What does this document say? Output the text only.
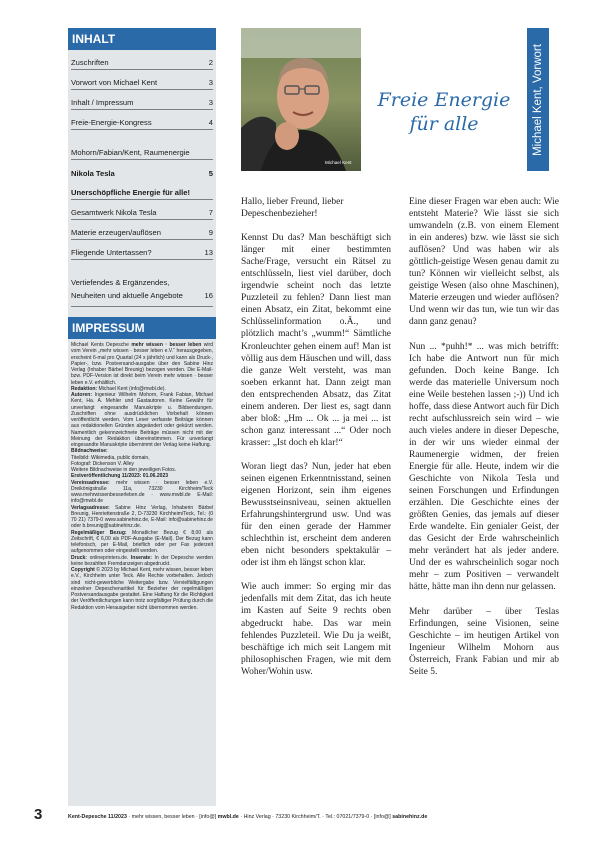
INHALT
Zuschriften	2
Vorwort von Michael Kent	3
Inhalt / Impressum	3
Freie-Energie-Kongress	4
Mohorn/Fabian/Kent, Raumenergie
Nikola Tesla	5
Unerschöpfliche Energie für alle!
Gesamtwerk Nikola Tesla	7
Materie erzeugen/auflösen	9
Fliegende Untertassen?	13
Vertiefendes & Ergänzendes,
Neuheiten und aktuelle Angebote	16
IMPRESSUM

Michael Kents Depesche mehr wissen · besser leben wird vom Verein „mehr wissen · besser leben e.V.“ herausgegeben, erscheint 6-mal pro Quartal (24 x jährlich) und kann als Druck-, Papier-, bzw. Postversand-ausgabe über den Sabine Hinz Verlag (Inhaber Bärbel Breunig) bezogen werden. Die E-Mail- bzw. PDF-Version ist direkt beim Verein mehr wissen · besser leben e.V. erhältlich.

Redaktion: Michael Kent (info@mwbl.de).

Autoren: Ingenieur Wilhelm Mohorn, Frank Fabian, Michael Kent, Ha. A. Mehler und Gastautoren. Keine Gewähr für unverlangt eingesandte Manuskripte u. Bildsendungen. Zuschriften ohne ausdrücklichen Vorbehalt können veröffentlicht werden. Vom Leser verfasste Beiträge können aus redaktionellen Gründen abgeändert oder gekürzt werden. Namentlich gekennzeichnete Beiträge müssen nicht mit der Meinung der Redaktion übereinstimmen. Für unverlangt eingesandte Manuskripte übernimmt der Verlag keine Haftung.

Bildnachweise:

Titelbild: Wikimedia, public domain,

Fotograf: Dickenson V. Alley

Weitere Bildnachweise in den jeweiligen Fotos.

Erstveröffentlichung 11/2023: 01.06.2023

Vereinsadresse: mehr wissen · besser leben e.V. Dreikönigstraße 11a, 73230 Kirchheim/Teck www.mehrwissenbesserleben.de · www.mwbl.de E-Mail: info@mwbl.de

Verlagsadresse: Sabine Hinz Verlag, Inhaberin Bärbel Breunig, Henriettenstraße 2, D-73230 Kirchheim/Teck, Tel.: (0 70 21) 7379-0 www.sabinehinz.de, E-Mail: info@sabinehinz.de oder b.breunig@sabinehinz.de.

Regelmäßiger Bezug: Monatlicher Bezug € 8,00 als Zeitschrift, € 6,00 als PDF-Ausgabe (E-Mail). Der Bezug kann telefonisch, per E-Mail, brieflich oder per Fax jederzeit aufgenommen oder eingestellt werden.

Druck: onlineprinters.de. Inserate: In der Depesche werden keine bezahlten Fremdanzeigen abgedruckt.

Copyright © 2023 by Michael Kent, mehr wissen, besser leben e.V., Kirchheim unter Teck. Alle Rechte vorbehalten. Jedoch sind nicht-gewerbliche Weitergabe bzw. Vervielfältigungen einzelner Depeschenartikel für Bezieher der regelmäßigen Postversandausgabe gestattet. Eine Haftung für die Richtigkeit der Veröffentlichungen kann trotz sorgfältiger Prüfung durch die Redaktion vom Herausgeber nicht übernommen werden.

Michael Kent
Freie Energie
für alle	Michael Kent, Vorwort

Hallo, lieber Freund, lieber Depeschenbezieher!

Kennst Du das? Man beschäftigt sich länger mit einer bestimmten Sache/Frage, versucht ein Rätsel zu entschlüsseln, liest viel darüber, doch irgendwie scheint noch das letzte Puzzleteil zu fehlen? Dann liest man einen Absatz, ein Zitat, bekommt eine Schlüsselinformation o.Ä., und plötzlich macht’s „wumm!“ Sämtliche Kronleuchter gehen einem auf! Man ist völlig aus dem Häuschen und will, dass die ganze Welt versteht, was man soeben erkannt hat. Dann zeigt man den entsprechenden Absatz, das Zitat einem anderen. Der liest es, sagt dann aber bloß: „Hm ... Ok ... ja mei ... ist schon ganz interessant ...“ Oder noch krasser: „Ist doch eh klar!“

Woran liegt das? Nun, jeder hat eben seinen eigenen Erkenntnisstand, seinen eigenen Horizont, sein ihm eigenes Bewusstseinsniveau, seinen aktuellen Erfahrungshintergrund usw. Und was für den einen gerade der Hammer schlechthin ist, erscheint dem anderen eben nicht besonders spektakulär – oder ist ihm eh längst schon klar.

Wie auch immer: So erging mir das jedenfalls mit dem Zitat, das ich heute im Kasten auf Seite 9 rechts oben abgedruckt habe. Das war mein fehlendes Puzzleteil. Wie Du ja weißt, beschäftige ich mich seit Langem mit philosophischen Fragen, wie mit dem Woher/Wohin usw.

Eine dieser Fragen war eben auch: Wie entsteht Materie? Wie lässt sie sich umwandeln (z.B. von einem Element in ein anderes) bzw. wie lässt sie sich auflösen? Und was haben wir als göttlich-geistige Wesen genau damit zu tun? Können wir vielleicht selbst, als geistige Wesen (also ohne Maschinen), Materie erzeugen und wieder auflösen? Und wenn wir das tun, wie tun wir das dann ganz genau?

Nun ... *puhh!* ... was mich betrifft: Ich habe die Antwort nun für mich gefunden. Doch keine Bange. Ich werde das materielle Universum noch eine Weile bestehen lassen ;-)) Und ich hoffe, dass diese Antwort auch für Dich recht aufschlussreich sein wird – wie auch vieles andere in dieser Depesche, in der wir uns wieder einmal der Raumenergie widmen, der freien Energie für alle. Heute, indem wir die Geschichte von Nikola Tesla und seinen Forschungen und Erfindungen erzählen. Die Geschichte eines der größten Genies, das jemals auf dieser Erde wandelte. Ein genialer Geist, der das Gesicht der Erde wahrscheinlich mehr verändert hat als jeder andere. Und der es wahrscheinlich sogar noch mehr – zum Positiven – verwandelt hätte, hätte man ihn denn nur gelassen.

Mehr darüber – über Teslas Erfindungen, seine Visionen, seine Geschichte – im heutigen Artikel von Ingenieur Wilhelm Mohorn aus Österreich, Frank Fabian und mir ab Seite 5.

3	Kent-Depesche 11/2023 · mehr wissen, besser leben · [info@] mwbl.de · Hinz Verlag · 73230 Kirchheim/T. · Tel.: 07021/7379-0 · [info@] sabinehinz.de
